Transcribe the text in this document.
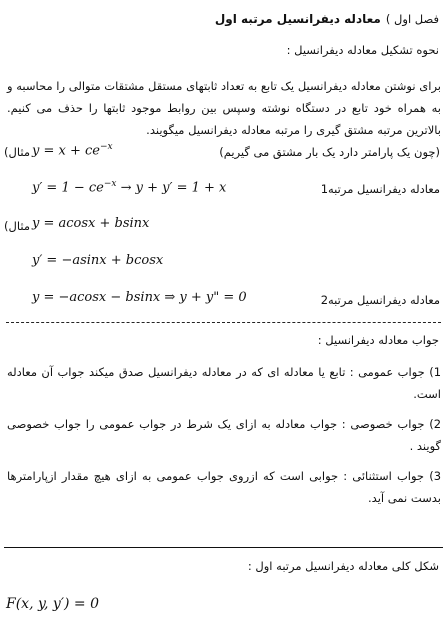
فصل اول ) معادله دیفرانسیل مرتبه اول
نحوه تشکیل معادله دیفرانسیل :
برای نوشتن معادله دیفرانسیل یک تابع به تعداد ثابتهای مستقل مشتقات متوالی را محاسبه و به همراه خود تابع در دستگاه نوشته وسپس بین روابط موجود ثابتها را حذف می کنیم. بالاترین مرتبه مشتق گیری را مرتبه معادله دیفرانسیل میگویند.
(مثال $y = x + ce^{-x}$	(چون یک پارامتر دارد یک بار مشتق می گیریم)
$y' = 1 - ce^{-x} \to y + y' = 1 + x$	معادله دیفرانسیل مرتبه1
(مثال y = acosx + bsinx
y′ = −asinx + bcosx
y = −acosx − bsinx ⇒ y + y" = 0	معادله دیفرانسیل مرتبه2
جواب معادله دیفرانسیل :
1) جواب عمومی : تابع یا معادله ای که در معادله دیفرانسیل صدق میکند جواب آن معادله است.
2) جواب خصوصی : جواب معادله به ازای یک شرط در جواب عمومی را جواب خصوصی گویند .
3) جواب استثنائی : جوابی است که ازروی جواب عمومی به ازای هیچ مقدار ازپارامترها بدست نمی آید.
شکل کلی معادله دیفرانسیل مرتبه اول :
F(x, y, y′) = 0
